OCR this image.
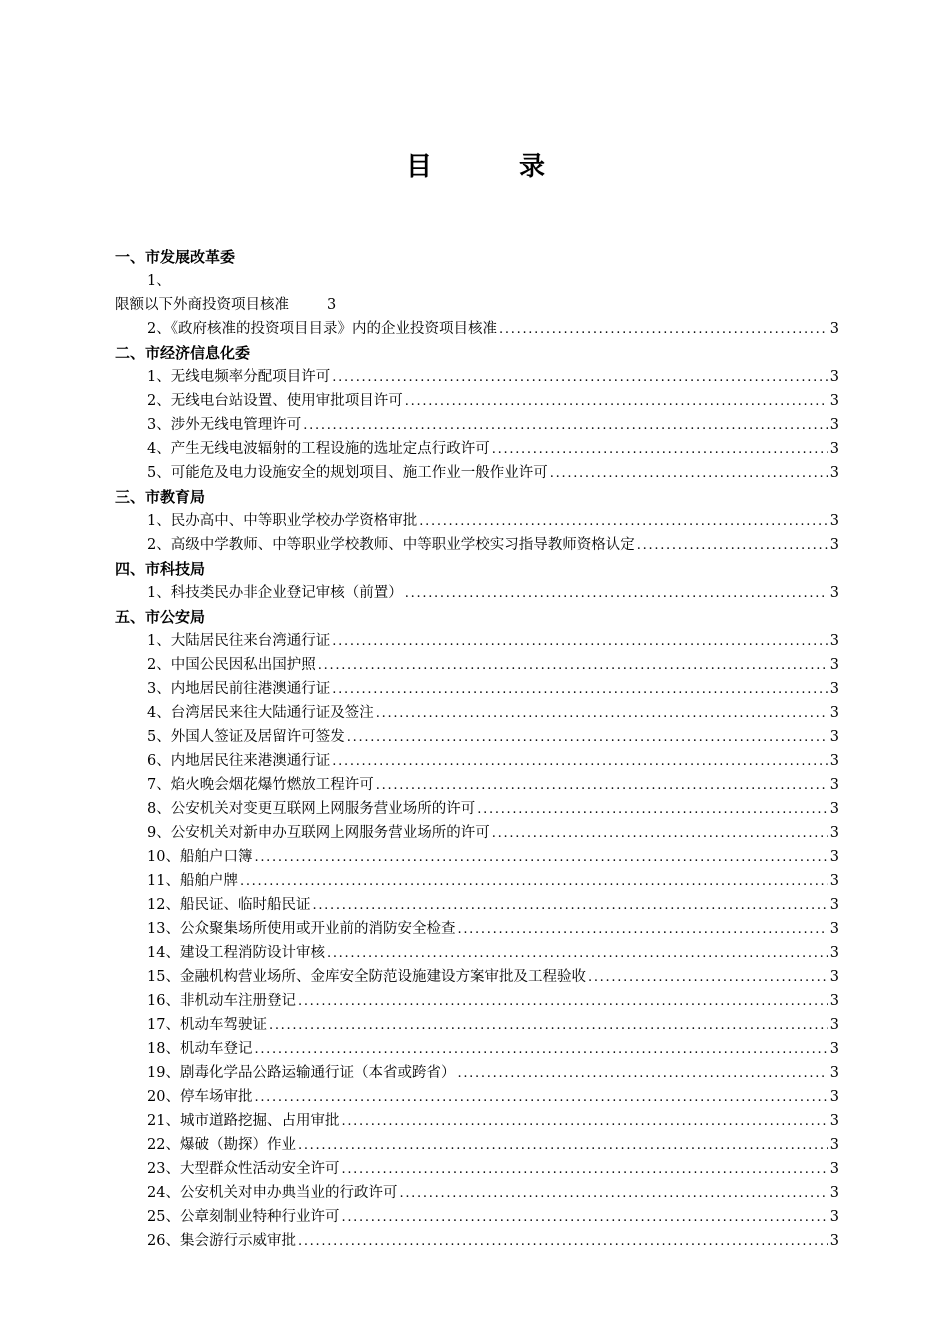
目	录
一、市发展改革委
1、
限额以下外商投资项目核准	3
2、《政府核准的投资项目目录》内的企业投资项目核准 . . .	3
二、市经济信息化委
1、无线电频率分配项目许可 . . .	3
2、无线电台站设置、使用审批项目许可 . . .	3
3、涉外无线电管理许可 . . .	3
4、产生无线电波辐射的工程设施的选址定点行政许可 . . .	3
5、可能危及电力设施安全的规划项目、施工作业一般作业许可 . . .	3
三、市教育局
1、民办高中、中等职业学校办学资格审批 . . .	3
2、高级中学教师、中等职业学校教师、中等职业学校实习指导教师资格认定 . . .	3
四、市科技局
1、科技类民办非企业登记审核（前置） . . .	3
五、市公安局
1、大陆居民往来台湾通行证 . . .	3
2、中国公民因私出国护照 . . .	3
3、内地居民前往港澳通行证 . . .	3
4、台湾居民来往大陆通行证及签注 . . .	3
5、外国人签证及居留许可签发 . . .	3
6、内地居民往来港澳通行证 . . .	3
7、焰火晚会烟花爆竹燃放工程许可 . . .	3
8、公安机关对变更互联网上网服务营业场所的许可 . . .	3
9、公安机关对新申办互联网上网服务营业场所的许可 . . .	3
10、船舶户口簿 . . .	3
11、船舶户牌 . . .	3
12、船民证、临时船民证 . . .	3
13、公众聚集场所使用或开业前的消防安全检查 . . .	3
14、建设工程消防设计审核 . . .	3
15、金融机构营业场所、金库安全防范设施建设方案审批及工程验收 . . .	3
16、非机动车注册登记 . . .	3
17、机动车驾驶证 . . .	3
18、机动车登记 . . .	3
19、剧毒化学品公路运输通行证（本省或跨省） . . .	3
20、停车场审批 . . .	3
21、城市道路挖掘、占用审批 . . .	3
22、爆破（勘探）作业 . . .	3
23、大型群众性活动安全许可 . . .	3
24、公安机关对申办典当业的行政许可 . . .	3
25、公章刻制业特种行业许可 . . .	3
26、集会游行示威审批 . . .	3
